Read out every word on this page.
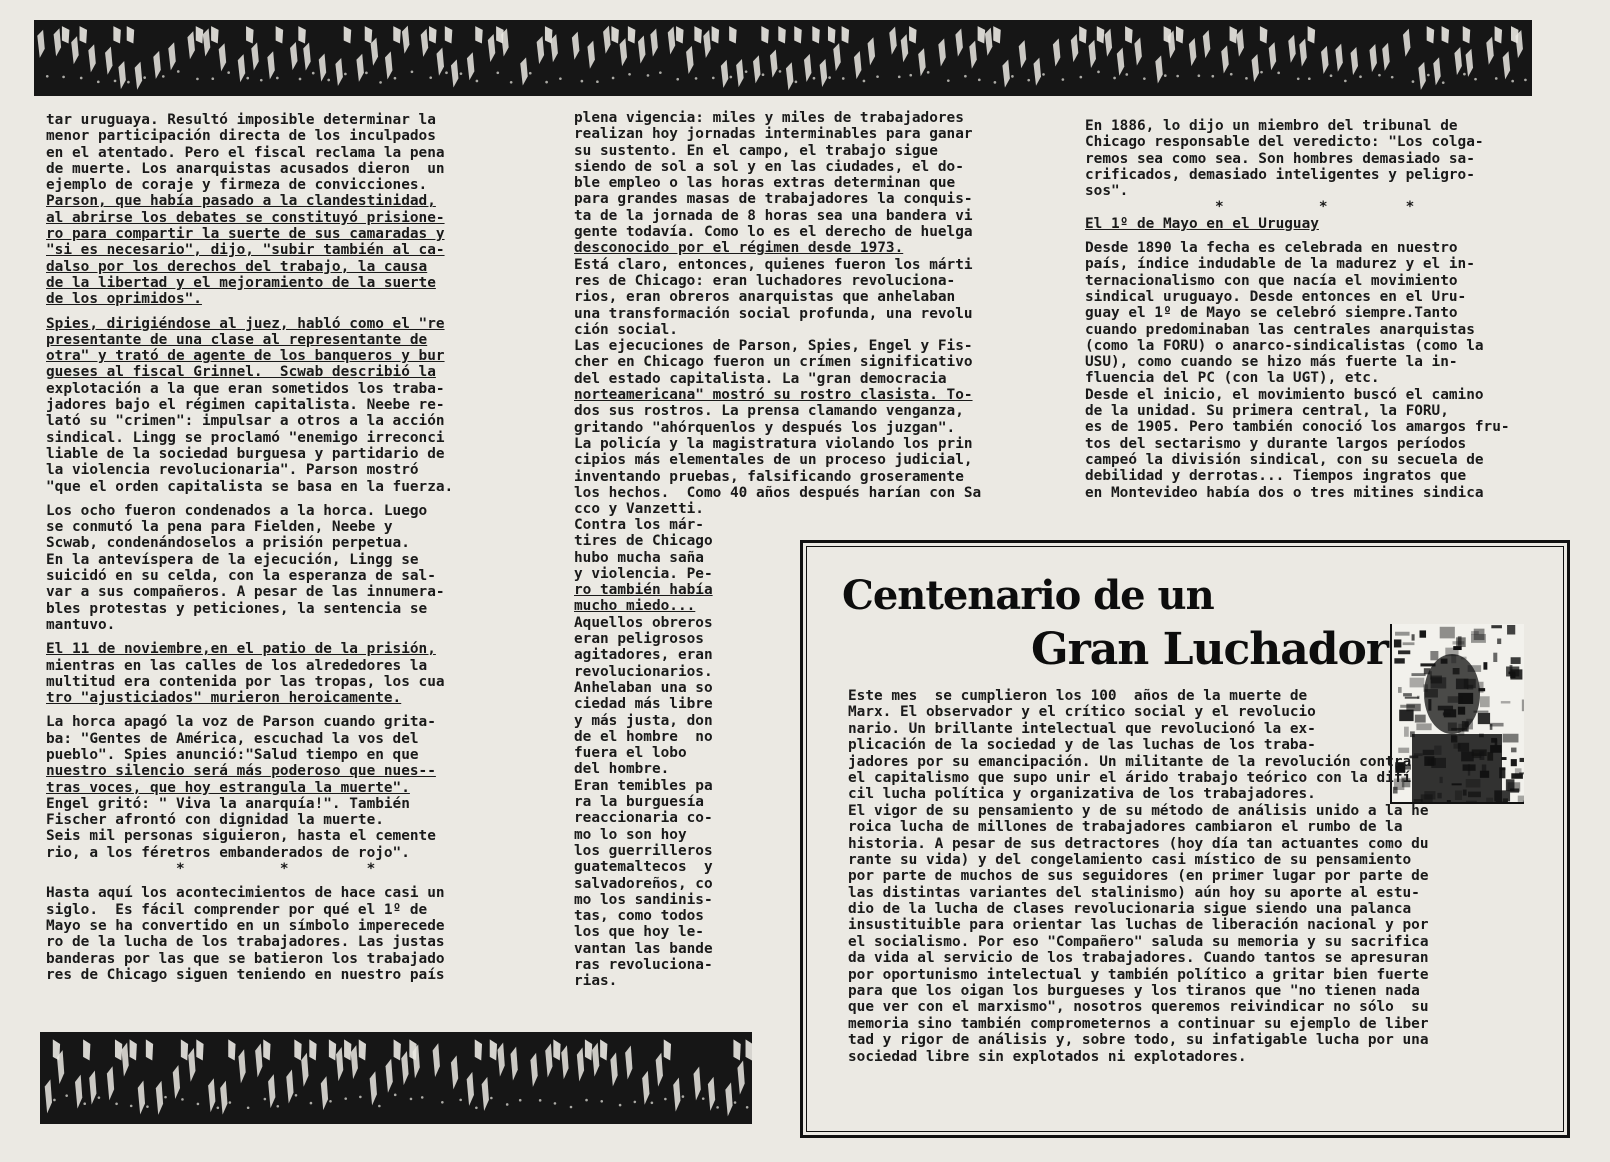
tar uruguaya. Resultó imposible determinar la
menor participación directa de los inculpados
en el atentado. Pero el fiscal reclama la pena
de muerte. Los anarquistas acusados dieron  un
ejemplo de coraje y firmeza de convicciones.
Parson, que había pasado a la clandestinidad,
al abrirse los debates se constituyó prisione-
ro para compartir la suerte de sus camaradas y
"si es necesario", dijo, "subir también al ca-
dalso por los derechos del trabajo, la causa
de la libertad y el mejoramiento de la suerte
de los oprimidos".
Spies, dirigiéndose al juez, habló como el "re
presentante de una clase al representante de
otra" y trató de agente de los banqueros y bur
gueses al fiscal Grinnel.  Scwab describió la
explotación a la que eran sometidos los traba-
jadores bajo el régimen capitalista. Neebe re-
lató su "crimen": impulsar a otros a la acción
sindical. Lingg se proclamó "enemigo irreconci
liable de la sociedad burguesa y partidario de
la violencia revolucionaria". Parson mostró
"que el orden capitalista se basa en la fuerza.
Los ocho fueron condenados a la horca. Luego
se conmutó la pena para Fielden, Neebe y
Scwab, condenándoselos a prisión perpetua.
En la antevíspera de la ejecución, Lingg se
suicidó en su celda, con la esperanza de sal-
var a sus compañeros. A pesar de las innumera-
bles protestas y peticiones, la sentencia se
mantuvo.
El 11 de noviembre,en el patio de la prisión,
mientras en las calles de los alrededores la
multitud era contenida por las tropas, los cua
tro "ajusticiados" murieron heroicamente.
La horca apagó la voz de Parson cuando grita-
ba: "Gentes de América, escuchad la vos del
pueblo". Spies anunció:"Salud tiempo en que
nuestro silencio será más poderoso que nues--
tras voces, que hoy estrangula la muerte".
Engel gritó: " Viva la anarquía!". También
Fischer afrontó con dignidad la muerte.
Seis mil personas siguieron, hasta el cemente
rio, a los féretros embanderados de rojo".
*           *         *
Hasta aquí los acontecimientos de hace casi un
siglo.  Es fácil comprender por qué el 1º de
Mayo se ha convertido en un símbolo imperecede
ro de la lucha de los trabajadores. Las justas
banderas por las que se batieron los trabajado
res de Chicago siguen teniendo en nuestro país
plena vigencia: miles y miles de trabajadores
realizan hoy jornadas interminables para ganar
su sustento. En el campo, el trabajo sigue
siendo de sol a sol y en las ciudades, el do-
ble empleo o las horas extras determinan que
para grandes masas de trabajadores la conquis-
ta de la jornada de 8 horas sea una bandera vi
gente todavía. Como lo es el derecho de huelga
desconocido por el régimen desde 1973.
Está claro, entonces, quienes fueron los márti
res de Chicago: eran luchadores revoluciona-
rios, eran obreros anarquistas que anhelaban
una transformación social profunda, una revolu
ción social.
Las ejecuciones de Parson, Spies, Engel y Fis-
cher en Chicago fueron un crímen significativo
del estado capitalista. La "gran democracia
norteamericana" mostró su rostro clasista. To-
dos sus rostros. La prensa clamando venganza,
gritando "ahórquenlos y después los juzgan".
La policía y la magistratura violando los prin
cipios más elementales de un proceso judicial,
inventando pruebas, falsificando groseramente
los hechos.  Como 40 años después harían con Sa
cco y Vanzetti.
Contra los már-
tires de Chicago
hubo mucha saña
y violencia. Pe-
ro también había
mucho miedo...
Aquellos obreros
eran peligrosos
agitadores, eran
revolucionarios.
Anhelaban una so
ciedad más libre
y más justa, don
de el hombre  no
fuera el lobo
del hombre.
Eran temibles pa
ra la burguesía
reaccionaria co-
mo lo son hoy
los guerrilleros
guatemaltecos  y
salvadoreños, co
mo los sandinis-
tas, como todos
los que hoy le-
vantan las bande
ras revoluciona-
rias.
En 1886, lo dijo un miembro del tribunal de
Chicago responsable del veredicto: "Los colga-
remos sea como sea. Son hombres demasiado sa-
crificados, demasiado inteligentes y peligro-
sos".
*           *         *
El 1º de Mayo en el Uruguay
Desde 1890 la fecha es celebrada en nuestro
país, índice indudable de la madurez y el in-
ternacionalismo con que nacía el movimiento
sindical uruguayo. Desde entonces en el Uru-
guay el 1º de Mayo se celebró siempre.Tanto
cuando predominaban las centrales anarquistas
(como la FORU) o anarco-sindicalistas (como la
USU), como cuando se hizo más fuerte la in-
fluencia del PC (con la UGT), etc.
Desde el inicio, el movimiento buscó el camino
de la unidad. Su primera central, la FORU,
es de 1905. Pero también conoció los amargos fru-
tos del sectarismo y durante largos períodos
campeó la división sindical, con su secuela de
debilidad y derrotas... Tiempos ingratos que
en Montevideo había dos o tres mitines sindica
Centenario de un
Gran Luchador
Este mes  se cumplieron los 100  años de la muerte de
Marx. El observador y el crítico social y el revolucio
nario. Un brillante intelectual que revolucionó la ex-
plicación de la sociedad y de las luchas de los traba-
jadores por su emancipación. Un militante de la revolución contra
el capitalismo que supo unir el árido trabajo teórico con la difí
cil lucha política y organizativa de los trabajadores.
El vigor de su pensamiento y de su método de análisis unido a la he
roica lucha de millones de trabajadores cambiaron el rumbo de la
historia. A pesar de sus detractores (hoy día tan actuantes como du
rante su vida) y del congelamiento casi místico de su pensamiento
por parte de muchos de sus seguidores (en primer lugar por parte de
las distintas variantes del stalinismo) aún hoy su aporte al estu-
dio de la lucha de clases revolucionaria sigue siendo una palanca
insustituible para orientar las luchas de liberación nacional y por
el socialismo. Por eso "Compañero" saluda su memoria y su sacrifica
da vida al servicio de los trabajadores. Cuando tantos se apresuran
por oportunismo intelectual y también político a gritar bien fuerte
para que los oigan los burgueses y los tiranos que "no tienen nada
que ver con el marxismo", nosotros queremos reivindicar no sólo  su
memoria sino también comprometernos a continuar su ejemplo de liber
tad y rigor de análisis y, sobre todo, su infatigable lucha por una
sociedad libre sin explotados ni explotadores.
